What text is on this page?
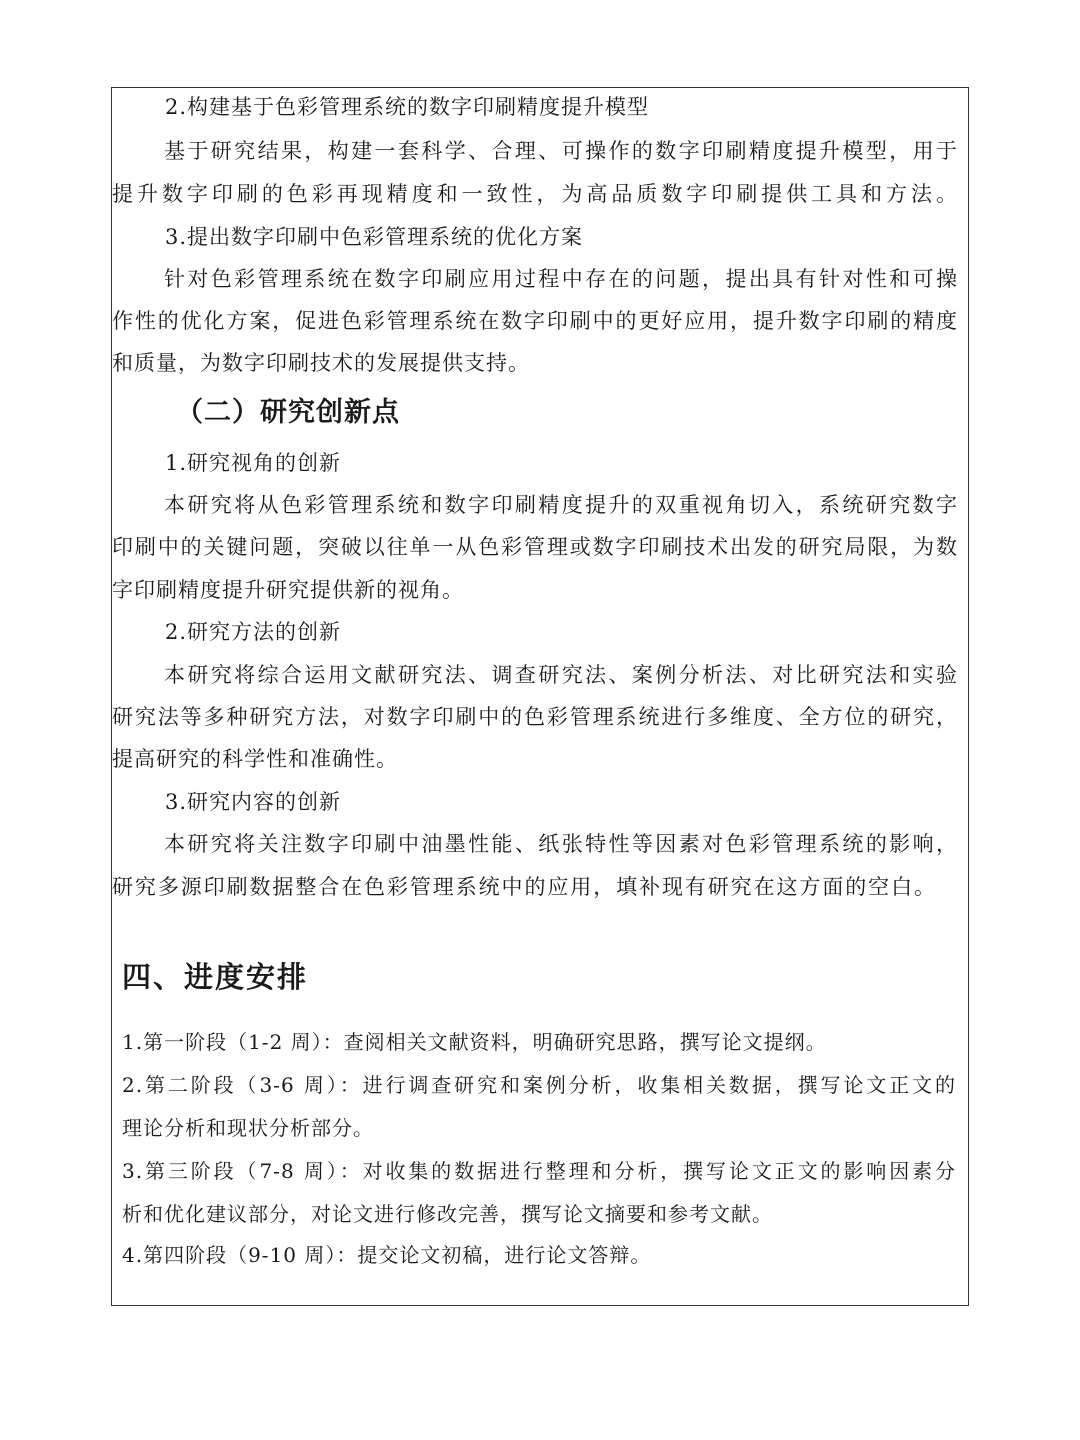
2.构建基于色彩管理系统的数字印刷精度提升模型
基于研究结果，构建一套科学、合理、可操作的数字印刷精度提升模型，用于
提升数字印刷的色彩再现精度和一致性，为高品质数字印刷提供工具和方法。
3.提出数字印刷中色彩管理系统的优化方案
针对色彩管理系统在数字印刷应用过程中存在的问题，提出具有针对性和可操
作性的优化方案，促进色彩管理系统在数字印刷中的更好应用，提升数字印刷的精度
和质量，为数字印刷技术的发展提供支持。
（二）研究创新点
1.研究视角的创新
本研究将从色彩管理系统和数字印刷精度提升的双重视角切入，系统研究数字
印刷中的关键问题，突破以往单一从色彩管理或数字印刷技术出发的研究局限，为数
字印刷精度提升研究提供新的视角。
2.研究方法的创新
本研究将综合运用文献研究法、调查研究法、案例分析法、对比研究法和实验
研究法等多种研究方法，对数字印刷中的色彩管理系统进行多维度、全方位的研究，
提高研究的科学性和准确性。
3.研究内容的创新
本研究将关注数字印刷中油墨性能、纸张特性等因素对色彩管理系统的影响，
研究多源印刷数据整合在色彩管理系统中的应用，填补现有研究在这方面的空白。
四、进度安排
1.第一阶段（1-2 周）：查阅相关文献资料，明确研究思路，撰写论文提纲。
2.第二阶段（3-6 周）：进行调查研究和案例分析，收集相关数据，撰写论文正文的
理论分析和现状分析部分。
3.第三阶段（7-8 周）：对收集的数据进行整理和分析，撰写论文正文的影响因素分
析和优化建议部分，对论文进行修改完善，撰写论文摘要和参考文献。
4.第四阶段（9-10 周）：提交论文初稿，进行论文答辩。
